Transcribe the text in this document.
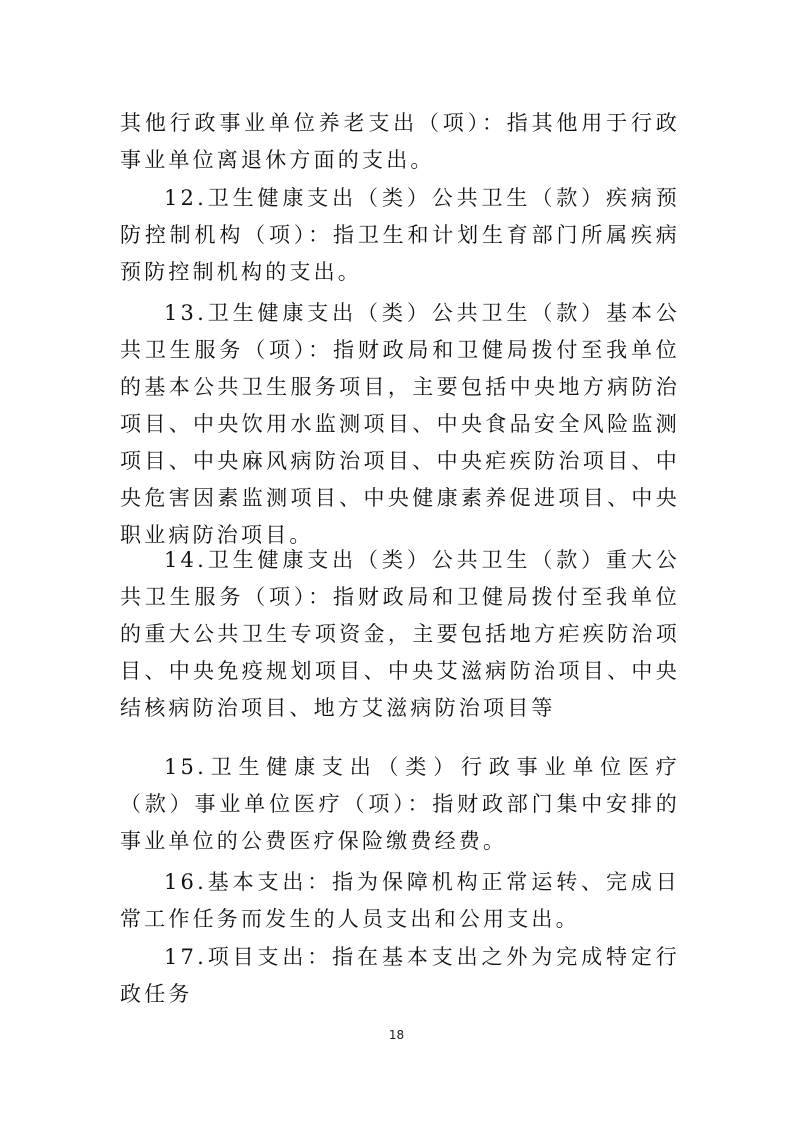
其他行政事业单位养老支出（项）：指其他用于行政事业单位离退休方面的支出。

12.卫生健康支出（类）公共卫生（款）疾病预防控制机构（项）：指卫生和计划生育部门所属疾病预防控制机构的支出。

13.卫生健康支出（类）公共卫生（款）基本公共卫生服务（项）：指财政局和卫健局拨付至我单位的基本公共卫生服务项目，主要包括中央地方病防治项目、中央饮用水监测项目、中央食品安全风险监测项目、中央麻风病防治项目、中央疟疾防治项目、中央危害因素监测项目、中央健康素养促进项目、中央职业病防治项目。

14.卫生健康支出（类）公共卫生（款）重大公共卫生服务（项）：指财政局和卫健局拨付至我单位的重大公共卫生专项资金，主要包括地方疟疾防治项目、中央免疫规划项目、中央艾滋病防治项目、中央结核病防治项目、地方艾滋病防治项目等

15.卫生健康支出（类）行政事业单位医疗（款）事业单位医疗（项）：指财政部门集中安排的事业单位的公费医疗保险缴费经费。

16.基本支出：指为保障机构正常运转、完成日常工作任务而发生的人员支出和公用支出。

17.项目支出：指在基本支出之外为完成特定行政任务

18
